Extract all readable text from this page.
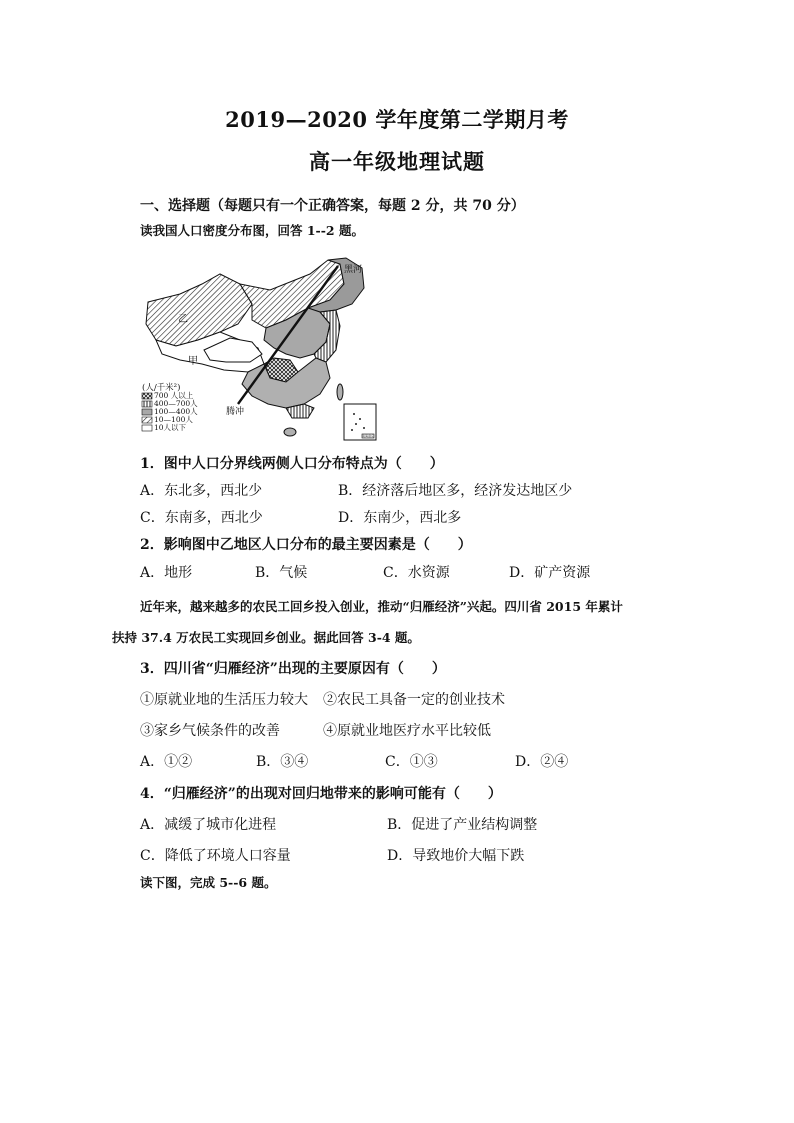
2019—2020 学年度第二学期月考
高一年级地理试题
一、选择题（每题只有一个正确答案，每题 2 分，共 70 分）
读我国人口密度分布图，回答 1--2 题。
黑河
乙
甲
腾冲
南海诸岛
(人/千米²)
700 人以上
400—700人
100—400人
10—100人
10人以下
1．图中人口分界线两侧人口分布特点为（　　）
A．东北多，西北少	B．经济落后地区多，经济发达地区少
C．东南多，西北少	D．东南少，西北多
2．影响图中乙地区人口分布的最主要因素是（　　）
A．地形	B．气候	C．水资源	D．矿产资源
近年来，越来越多的农民工回乡投入创业，推动“归雁经济”兴起。四川省 2015 年累计
扶持 37.4 万农民工实现回乡创业。据此回答 3-4 题。
3．四川省“归雁经济”出现的主要原因有（　　）
①原就业地的生活压力较大 ②农民工具备一定的创业技术
③家乡气候条件的改善	④原就业地医疗水平比较低
A．①②	B．③④	C．①③	D．②④
4．“归雁经济”的出现对回归地带来的影响可能有（　　）
A．减缓了城市化进程	B．促进了产业结构调整
C．降低了环境人口容量	D．导致地价大幅下跌
读下图，完成 5--6 题。
